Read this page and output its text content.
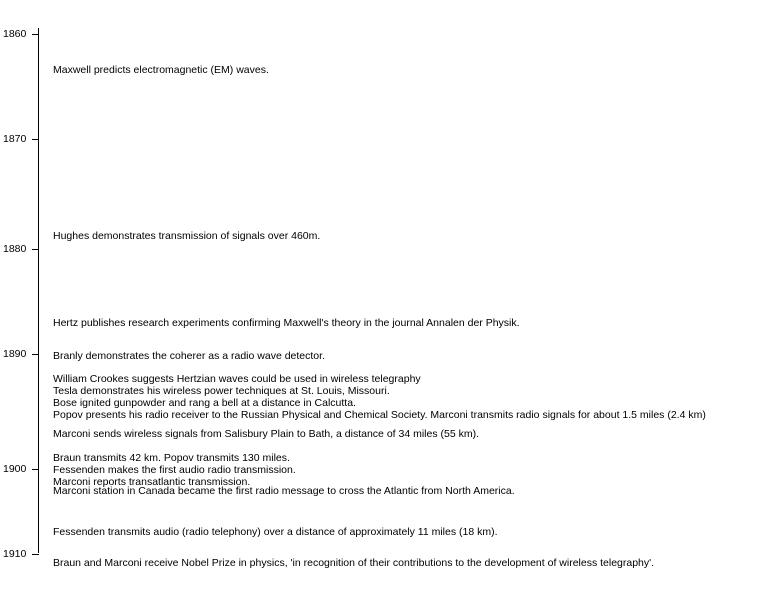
1860
1870
1880
1890
1900
1910
Maxwell predicts electromagnetic (EM) waves.
Hughes demonstrates transmission of signals over 460m.
Hertz publishes research experiments confirming Maxwell's theory in the journal Annalen der Physik.
Branly demonstrates the coherer as a radio wave detector.
William Crookes suggests Hertzian waves could be used in wireless telegraphy
Tesla demonstrates his wireless power techniques at St. Louis, Missouri.
Bose ignited gunpowder and rang a bell at a distance in Calcutta.
Popov presents his radio receiver to the Russian Physical and Chemical Society. Marconi transmits radio signals for about 1.5 miles (2.4 km)
Marconi sends wireless signals from Salisbury Plain to Bath, a distance of 34 miles (55 km).
Braun transmits 42 km. Popov transmits 130 miles.
Fessenden makes the first audio radio transmission.
Marconi reports transatlantic transmission.
Marconi station in Canada became the first radio message to cross the Atlantic from North America.
Fessenden transmits audio (radio telephony) over a distance of approximately 11 miles (18 km).
Braun and Marconi receive Nobel Prize in physics, 'in recognition of their contributions to the development of wireless telegraphy'.
